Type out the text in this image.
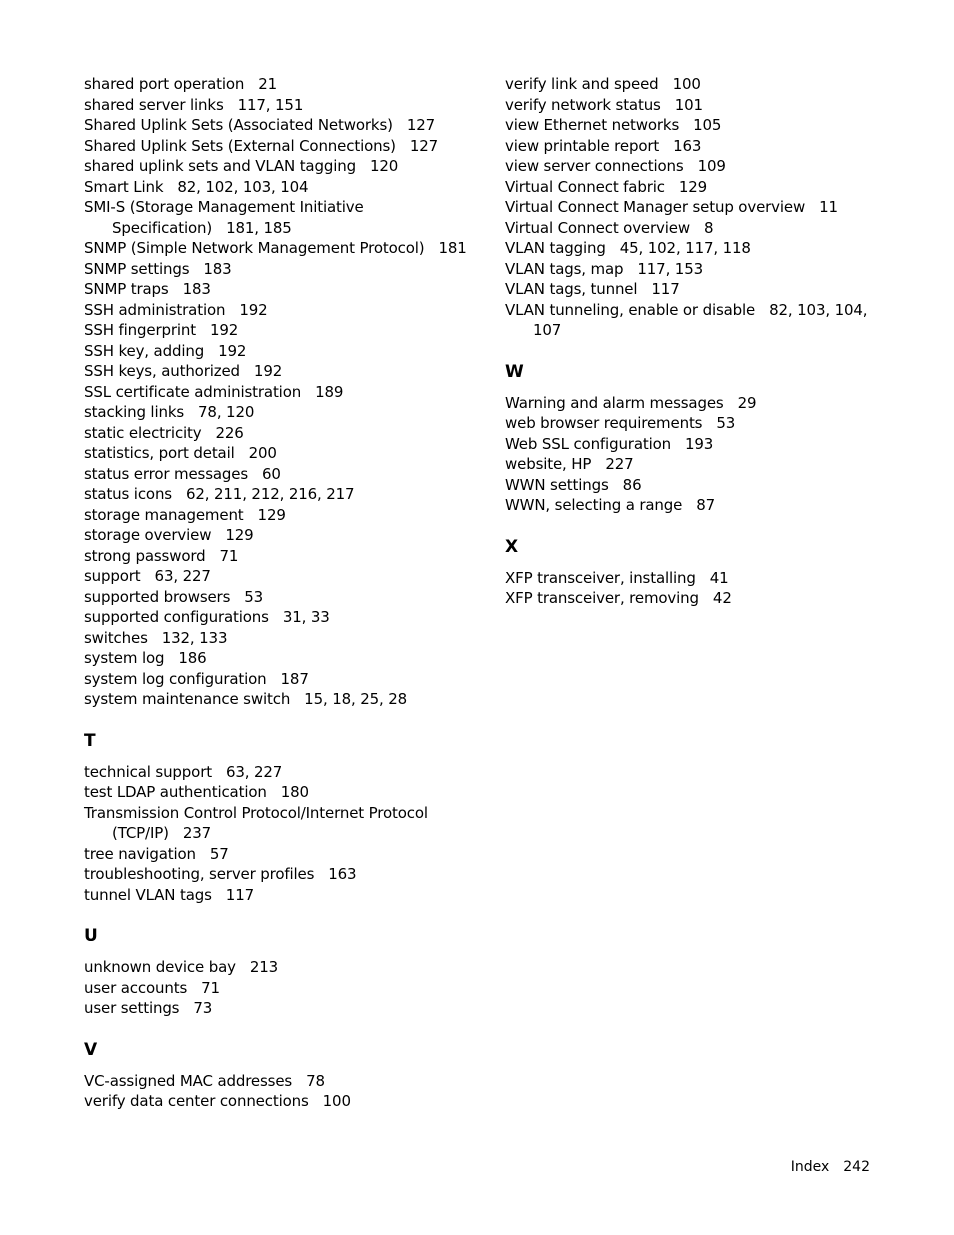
shared port operation 21
shared server links 117, 151
Shared Uplink Sets (Associated Networks) 127
Shared Uplink Sets (External Connections) 127
shared uplink sets and VLAN tagging 120
Smart Link 82, 102, 103, 104
SMI-S (Storage Management Initiative
Specification) 181, 185
SNMP (Simple Network Management Protocol) 181
SNMP settings 183
SNMP traps 183
SSH administration 192
SSH fingerprint 192
SSH key, adding 192
SSH keys, authorized 192
SSL certificate administration 189
stacking links 78, 120
static electricity 226
statistics, port detail 200
status error messages 60
status icons 62, 211, 212, 216, 217
storage management 129
storage overview 129
strong password 71
support 63, 227
supported browsers 53
supported configurations 31, 33
switches 132, 133
system log 186
system log configuration 187
system maintenance switch 15, 18, 25, 28
T
technical support 63, 227
test LDAP authentication 180
Transmission Control Protocol/Internet Protocol
(TCP/IP) 237
tree navigation 57
troubleshooting, server profiles 163
tunnel VLAN tags 117
U
unknown device bay 213
user accounts 71
user settings 73
V
VC-assigned MAC addresses 78
verify data center connections 100
verify link and speed 100
verify network status 101
view Ethernet networks 105
view printable report 163
view server connections 109
Virtual Connect fabric 129
Virtual Connect Manager setup overview 11
Virtual Connect overview 8
VLAN tagging 45, 102, 117, 118
VLAN tags, map 117, 153
VLAN tags, tunnel 117
VLAN tunneling, enable or disable 82, 103, 104,
107
W
Warning and alarm messages 29
web browser requirements 53
Web SSL configuration 193
website, HP 227
WWN settings 86
WWN, selecting a range 87
X
XFP transceiver, installing 41
XFP transceiver, removing 42
Index 242
